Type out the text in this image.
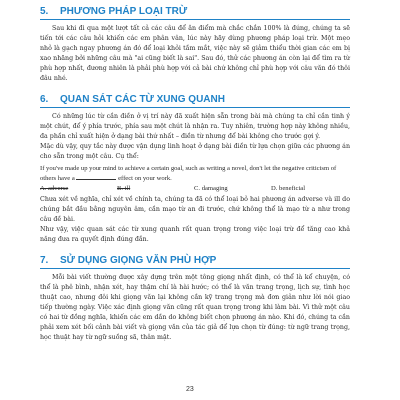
5.	PHƯƠNG PHÁP LOẠI TRỪ

Sau khi đi qua một lượt tất cả các câu để ăn điểm mà chắc chắn 100% là đúng, chúng ta sẽ tiến tới các câu hỏi khiến các em phân vân, lúc này hãy dùng phương pháp loại trừ. Một mẹo nhỏ là gạch ngay phương án đó để loại khỏi tầm mắt, việc này sẽ giảm thiểu thời gian các em bị xao nhãng bởi những câu mà "ai cũng biết là sai". Sau đó, thử các phương án còn lại để tìm ra từ phù hợp nhất, đương nhiên là phải phù hợp với cả bài chứ không chỉ phù hợp với câu văn đó thôi đâu nhé.

6.	QUAN SÁT CÁC TỪ XUNG QUANH

Có những lúc từ cần điền ở vị trí này đã xuất hiện sẵn trong bài mà chúng ta chỉ cần tinh ý một chút, để ý phía trước, phía sau một chút là nhận ra. Tuy nhiên, trường hợp này không nhiều, đa phần chỉ xuất hiện ở dạng bài thứ nhất – điền từ nhưng để bài không cho trước gợi ý.

Mặc dù vậy, quy tắc này được vận dụng linh hoạt ở dạng bài điền từ lựa chọn giữa các phương án cho sẵn trong một câu. Cụ thể:

If you've made up your mind to achieve a certain goal, such as writing a novel, don't let the negative criticism of others have a	effect on your work.
A. adverse	B. ill	C. damaging	D. beneficial

Chưa xét về nghĩa, chỉ xét về chính ta, chúng ta đã có thể loại bỏ hai phương án adverse và ill do chúng bắt đầu bằng nguyên âm, cần mạo từ an đi trước, chứ không thể là mạo từ a như trong câu đề bài.

Như vậy, việc quan sát các từ xung quanh rất quan trọng trong việc loại trừ để tăng cao khả năng đưa ra quyết định đúng đắn.

7.	SỬ DỤNG GIỌNG VĂN PHÙ HỢP

Mỗi bài viết thường được xây dựng trên một tông giọng nhất định, có thể là kể chuyện, có thể là phê bình, nhận xét, hay thậm chí là hài hước; có thể là văn trang trọng, lịch sự, tình học thuật cao, nhưng đôi khi giọng văn lại không cần kỹ trang trọng mà đơn giản như lời nói giao tiếp thường ngày. Việc xác định giọng văn cũng rất quan trọng trong khi làm bài. Vì thử một câu có hai từ đồng nghĩa, khiến các em dần do không biết chọn phương án nào. Khi đó, chúng ta cần phải xem xét bối cảnh bài viết và giọng văn của tác giả để lựa chọn từ đúng: từ ngữ trang trọng, học thuật hay từ ngữ suồng sã, thân mật.

23
